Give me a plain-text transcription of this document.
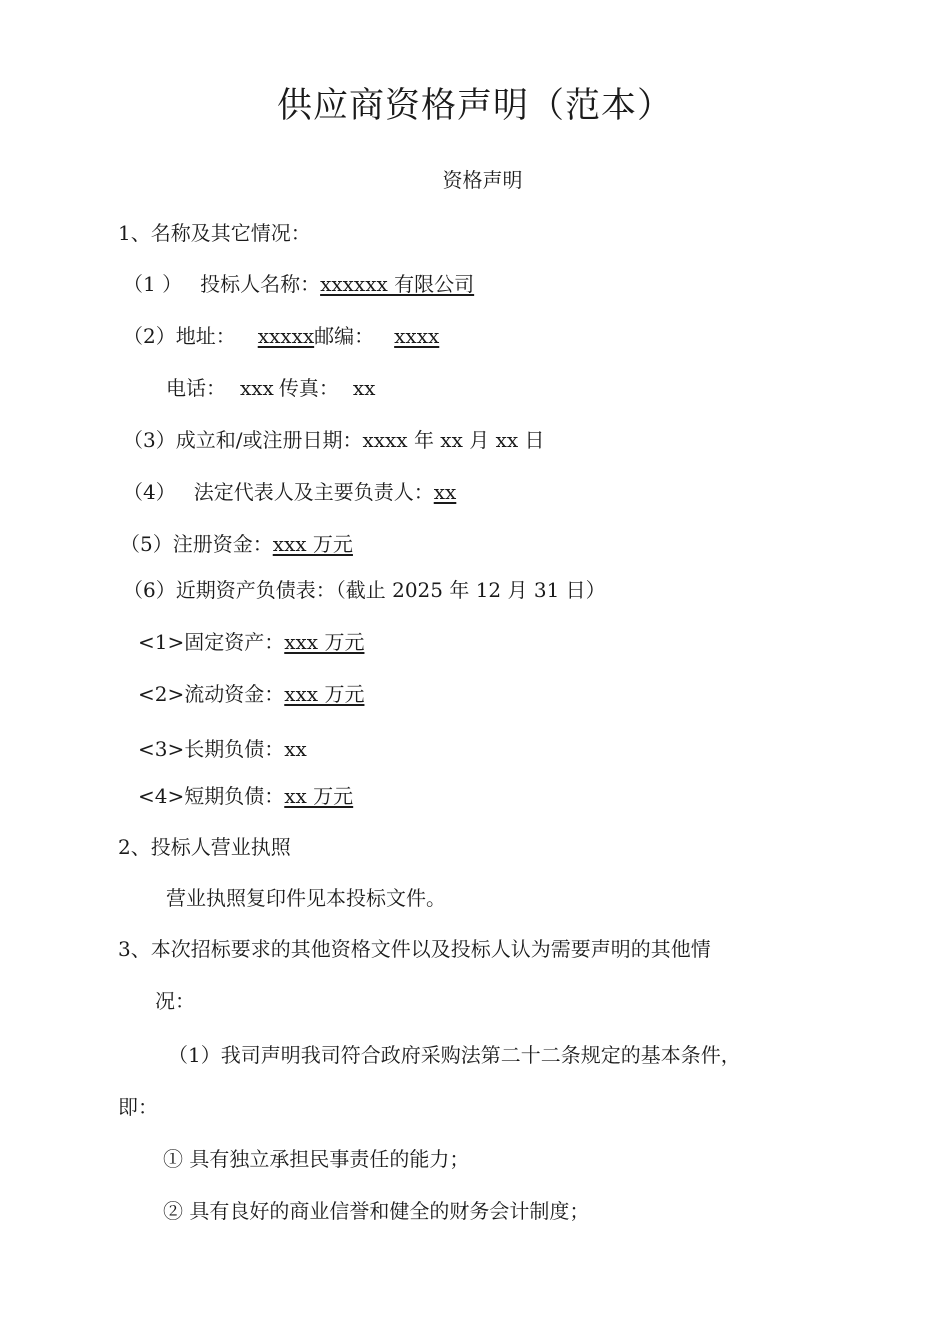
供应商资格声明（范本）
资格声明
1、名称及其它情况：
（1 ） 投标人名称：xxxxxx 有限公司
（2）地址： xxxxx邮编： xxxx
电话： xxx 传真： xx
（3）成立和/或注册日期：xxxx 年 xx 月 xx 日
（4） 法定代表人及主要负责人：xx
（5）注册资金：xxx 万元
（6）近期资产负债表：（截止 2025 年 12 月 31 日）
<1>固定资产：xxx 万元
<2>流动资金：xxx 万元
<3>长期负债：xx
<4>短期负债：xx 万元
2、投标人营业执照
营业执照复印件见本投标文件。
3、本次招标要求的其他资格文件以及投标人认为需要声明的其他情
况：
（1）我司声明我司符合政府采购法第二十二条规定的基本条件，
即：
① 具有独立承担民事责任的能力；
② 具有良好的商业信誉和健全的财务会计制度；
